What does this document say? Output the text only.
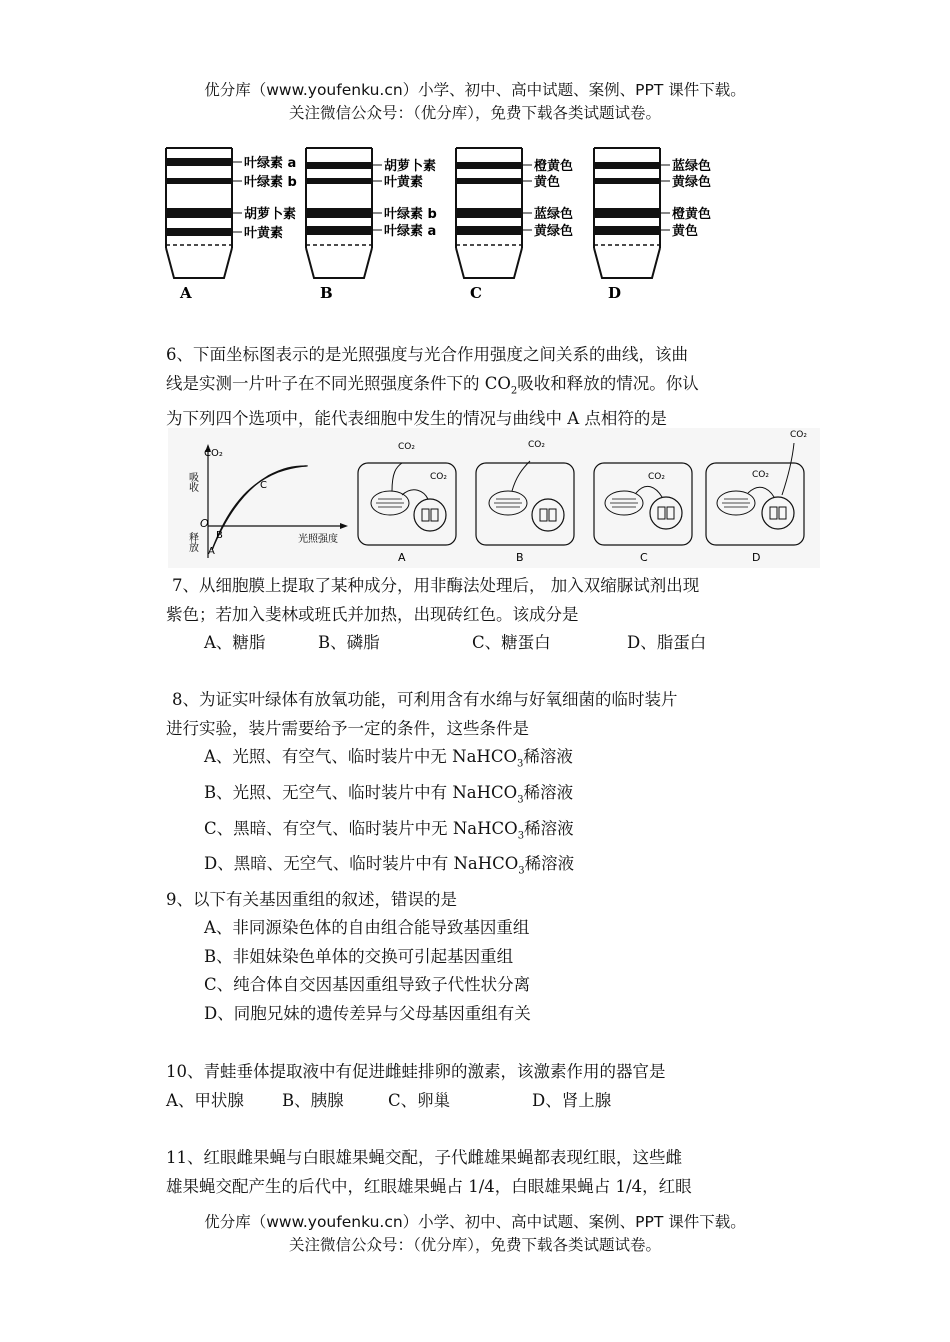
优分库（www.youfenku.cn）小学、初中、高中试题、案例、PPT 课件下载。
关注微信公众号：（优分库），免费下载各类试题试卷。
叶绿素 a
叶绿素 b
胡萝卜素
叶黄素
A
胡萝卜素
叶黄素
叶绿素 b
叶绿素 a
B
橙黄色
黄色
蓝绿色
黄绿色
C
蓝绿色
黄绿色
橙黄色
黄色
D
6、下面坐标图表示的是光照强度与光合作用强度之间关系的曲线，该曲
线是实测一片叶子在不同光照强度条件下的 $CO_2$吸收和释放的情况。你认
为下列四个选项中，能代表细胞中发生的情况与曲线中 A 点相符的是
CO₂
吸收
释放
O
光照强度
A
B
C
CO₂
CO₂
A
CO₂
B
CO₂
C
CO₂
CO₂
D
7、从细胞膜上提取了某种成分，用非酶法处理后， 加入双缩脲试剂出现
紫色；若加入斐林或班氏并加热，出现砖红色。该成分是
A、糖脂	B、磷脂	C、糖蛋白	D、脂蛋白
8、为证实叶绿体有放氧功能，可利用含有水绵与好氧细菌的临时装片
进行实验，装片需要给予一定的条件，这些条件是
A、光照、有空气、临时装片中无 NaHCO$_3$稀溶液
B、光照、无空气、临时装片中有 NaHCO$_3$稀溶液
C、黑暗、有空气、临时装片中无 NaHCO$_3$稀溶液
D、黑暗、无空气、临时装片中有 NaHCO$_3$稀溶液
9、以下有关基因重组的叙述，错误的是
A、非同源染色体的自由组合能导致基因重组
B、非姐妹染色单体的交换可引起基因重组
C、纯合体自交因基因重组导致子代性状分离
D、同胞兄妹的遗传差异与父母基因重组有关
10、青蛙垂体提取液中有促进雌蛙排卵的激素，该激素作用的器官是
A、甲状腺 B、胰腺	C、卵巢	D、肾上腺
11、红眼雌果蝇与白眼雄果蝇交配，子代雌雄果蝇都表现红眼，这些雌
雄果蝇交配产生的后代中，红眼雄果蝇占 1/4，白眼雄果蝇占 1/4，红眼
优分库（www.youfenku.cn）小学、初中、高中试题、案例、PPT 课件下载。
关注微信公众号：（优分库），免费下载各类试题试卷。
